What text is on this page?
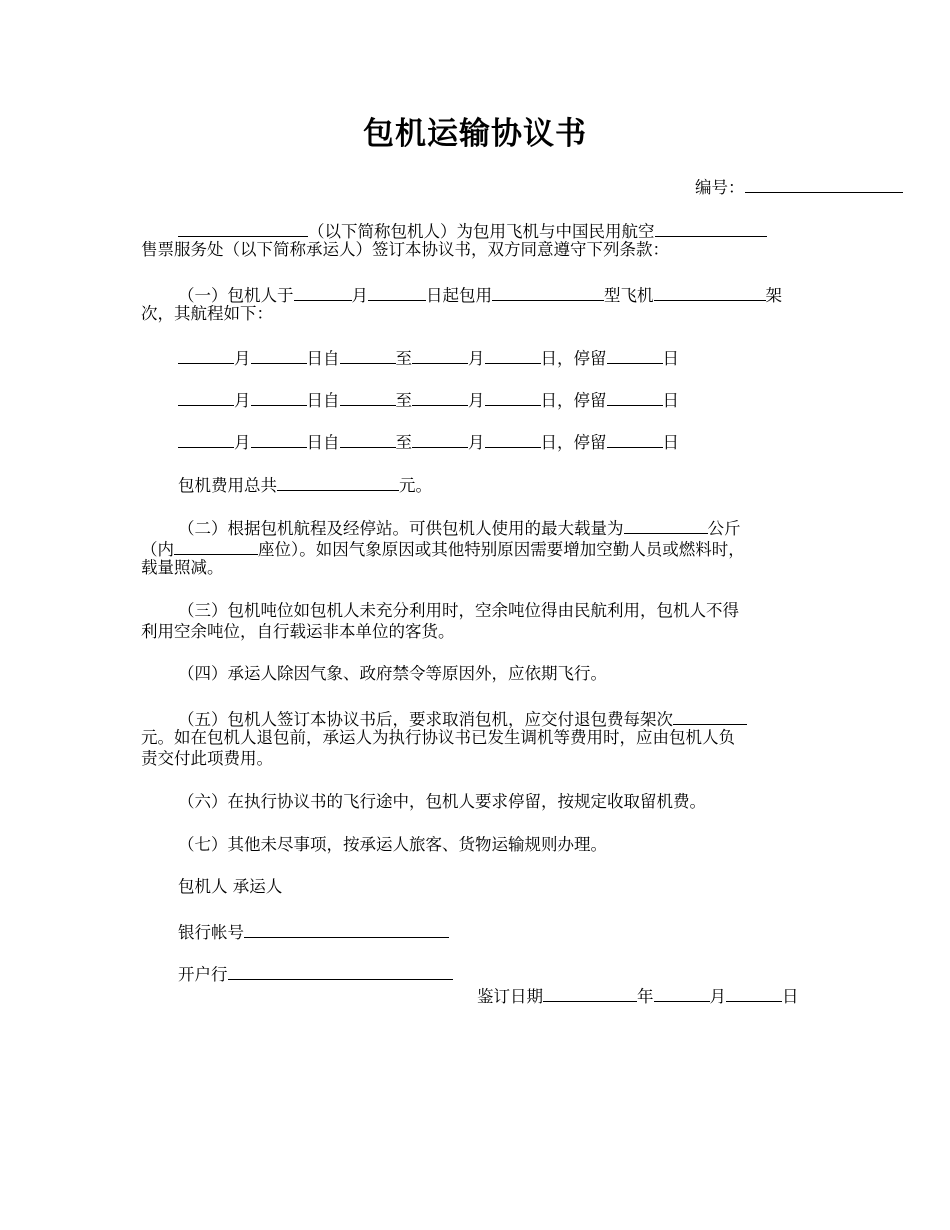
包机运输协议书
编号：
（以下简称包机人）为包用飞机与中国民用航空
售票服务处（以下简称承运人）签订本协议书，双方同意遵守下列条款：
（一）包机人于	月	日起包用	型飞机	架
次，其航程如下：
月	日自	至	月	日，停留	日
月	日自	至	月	日，停留	日
月	日自	至	月	日，停留	日
包机费用总共	元。
（二）根据包机航程及经停站。可供包机人使用的最大载量为	公斤
（内	座位）。如因气象原因或其他特别原因需要增加空勤人员或燃料时，
载量照减。
（三）包机吨位如包机人未充分利用时，空余吨位得由民航利用，包机人不得
利用空余吨位，自行载运非本单位的客货。
（四）承运人除因气象、政府禁令等原因外，应依期飞行。
（五）包机人签订本协议书后，要求取消包机，应交付退包费每架次
元。如在包机人退包前，承运人为执行协议书已发生调机等费用时，应由包机人负
责交付此项费用。
（六）在执行协议书的飞行途中，包机人要求停留，按规定收取留机费。
（七）其他未尽事项，按承运人旅客、货物运输规则办理。
包机人 承运人
银行帐号
开户行
鉴订日期	年	月	日
